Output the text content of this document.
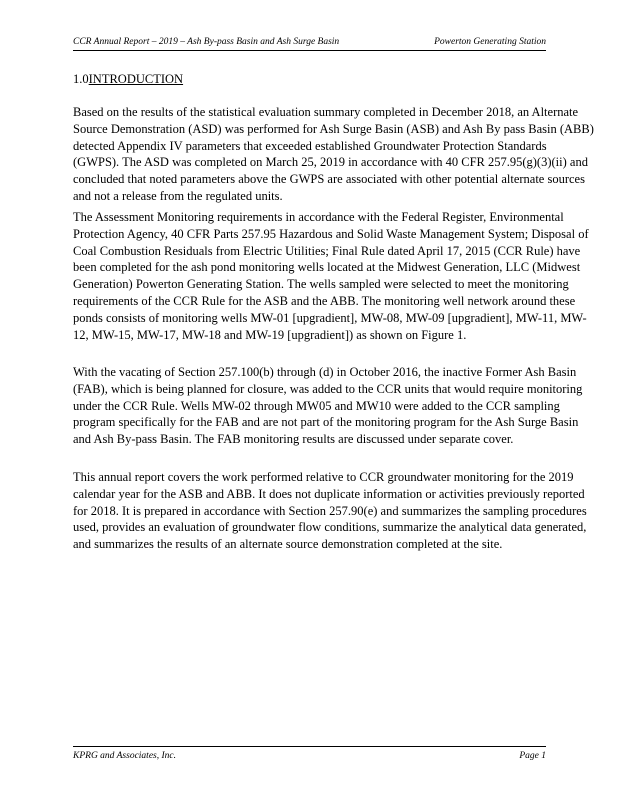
CCR Annual Report – 2019 – Ash By-pass Basin and Ash Surge Basin	Powerton Generating Station
1.0INTRODUCTION

Based on the results of the statistical evaluation summary completed in December 2018, an Alternate Source Demonstration (ASD) was performed for Ash Surge Basin (ASB) and Ash By pass Basin (ABB) detected Appendix IV parameters that exceeded established Groundwater Protection Standards (GWPS). The ASD was completed on March 25, 2019 in accordance with 40 CFR 257.95(g)(3)(ii) and concluded that noted parameters above the GWPS are associated with other potential alternate sources and not a release from the regulated units.

The Assessment Monitoring requirements in accordance with the Federal Register, Environmental Protection Agency, 40 CFR Parts 257.95 Hazardous and Solid Waste Management System; Disposal of Coal Combustion Residuals from Electric Utilities; Final Rule dated April 17, 2015 (CCR Rule) have been completed for the ash pond monitoring wells located at the Midwest Generation, LLC (Midwest Generation) Powerton Generating Station. The wells sampled were selected to meet the monitoring requirements of the CCR Rule for the ASB and the ABB. The monitoring well network around these ponds consists of monitoring wells MW-01 [upgradient], MW-08, MW-09 [upgradient], MW-11, MW-12, MW-15, MW-17, MW-18 and MW-19 [upgradient]) as shown on Figure 1.

With the vacating of Section 257.100(b) through (d) in October 2016, the inactive Former Ash Basin (FAB), which is being planned for closure, was added to the CCR units that would require monitoring under the CCR Rule. Wells MW-02 through MW05 and MW10 were added to the CCR sampling program specifically for the FAB and are not part of the monitoring program for the Ash Surge Basin and Ash By-pass Basin. The FAB monitoring results are discussed under separate cover.

This annual report covers the work performed relative to CCR groundwater monitoring for the 2019 calendar year for the ASB and ABB. It does not duplicate information or activities previously reported for 2018. It is prepared in accordance with Section 257.90(e) and summarizes the sampling procedures used, provides an evaluation of groundwater flow conditions, summarize the analytical data generated, and summarizes the results of an alternate source demonstration completed at the site.

KPRG and Associates, Inc.	Page 1
